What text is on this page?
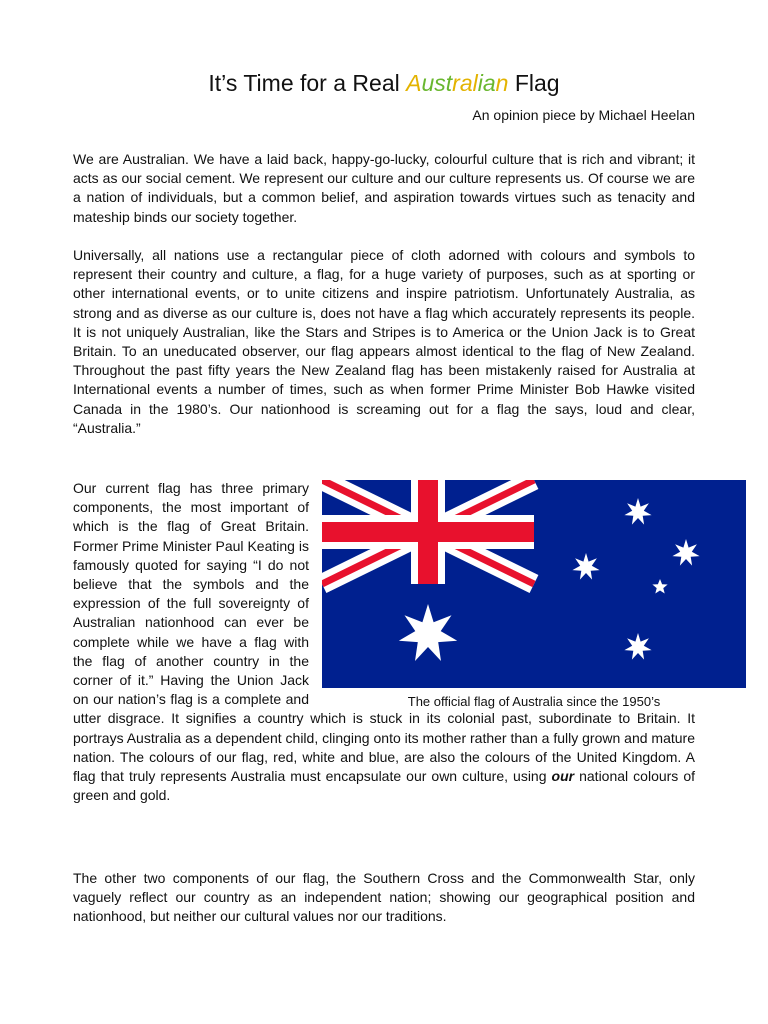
It’s Time for a Real Australian Flag
An opinion piece by Michael Heelan

We are Australian. We have a laid back, happy-go-lucky, colourful culture that is rich and vibrant; it acts as our social cement. We represent our culture and our culture represents us. Of course we are a nation of individuals, but a common belief, and aspiration towards virtues such as tenacity and mateship binds our society together.

Universally, all nations use a rectangular piece of cloth adorned with colours and symbols to represent their country and culture, a flag, for a huge variety of purposes, such as at sporting or other international events, or to unite citizens and inspire patriotism. Unfortunately Australia, as strong and as diverse as our culture is, does not have a flag which accurately represents its people. It is not uniquely Australian, like the Stars and Stripes is to America or the Union Jack is to Great Britain. To an uneducated observer, our flag appears almost identical to the flag of New Zealand. Throughout the past fifty years the New Zealand flag has been mistakenly raised for Australia at International events a number of times, such as when former Prime Minister Bob Hawke visited Canada in the 1980’s. Our nationhood is screaming out for a flag the says, loud and clear, “Australia.”

Our current flag has three primary components, the most important of which is the flag of Great Britain. Former Prime Minister Paul Keating is famously quoted for saying “I do not believe that the symbols and the expression of the full sovereignty of Australian nationhood can ever be complete while we have a flag with the flag of another country in the corner of it.” Having the Union Jack on our nation’s flag is a complete and utter disgrace. It signifies a country which is stuck in its colonial past, subordinate to Britain. It portrays Australia as a dependent child, clinging onto its mother rather than a fully grown and mature nation. The colours of our flag, red, white and blue, are also the colours of the United Kingdom. A flag that truly represents Australia must encapsulate our own culture, using our national colours of green and gold.

The official flag of Australia since the 1950’s

The other two components of our flag, the Southern Cross and the Commonwealth Star, only vaguely reflect our country as an independent nation; showing our geographical position and nationhood, but neither our cultural values nor our traditions.
